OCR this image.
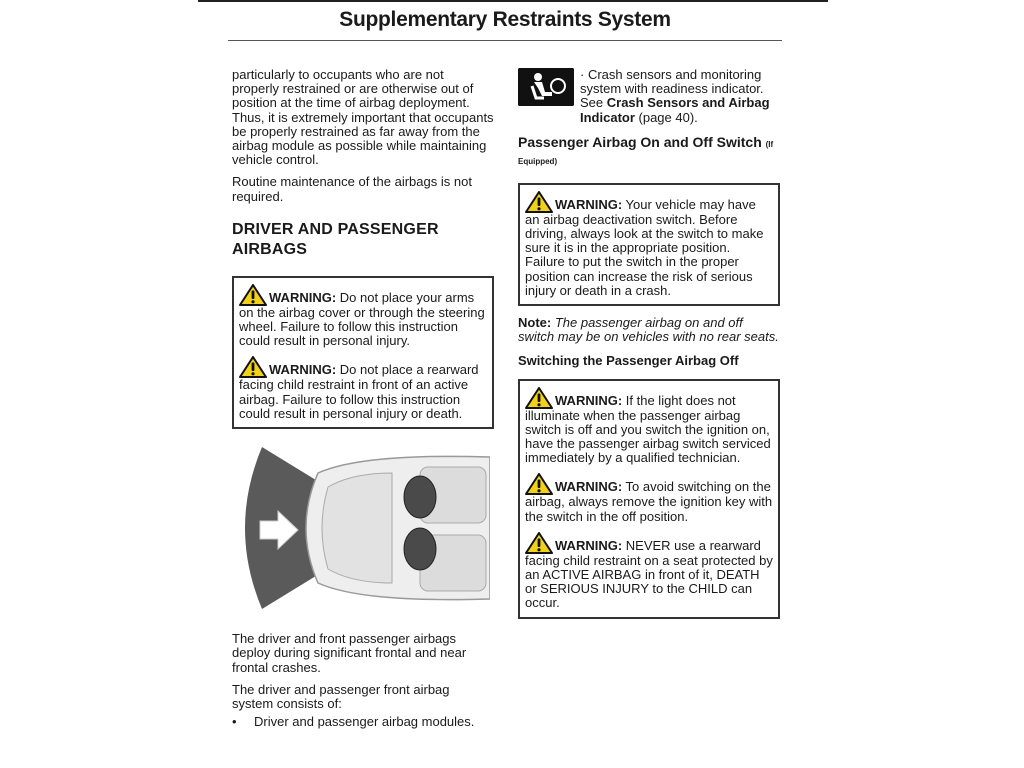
Supplementary Restraints System

particularly to occupants who are not properly restrained or are otherwise out of position at the time of airbag deployment. Thus, it is extremely important that occupants be properly restrained as far away from the airbag module as possible while maintaining vehicle control.

Routine maintenance of the airbags is not required.

DRIVER AND PASSENGER AIRBAGS
WARNING: Do not place your arms on the airbag cover or through the steering wheel. Failure to follow this instruction could result in personal injury.
WARNING: Do not place a rearward facing child restraint in front of an active airbag. Failure to follow this instruction could result in personal injury or death.

The driver and front passenger airbags deploy during significant frontal and near frontal crashes.

The driver and passenger front airbag system consists of:

•	Driver and passenger airbag modules.
· Crash sensors and monitoring system with readiness indicator. See Crash Sensors and Airbag Indicator (page 40).
Passenger Airbag On and Off Switch (If Equipped)
WARNING: Your vehicle may have an airbag deactivation switch. Before driving, always look at the switch to make sure it is in the appropriate position. Failure to put the switch in the proper position can increase the risk of serious injury or death in a crash.

Note: The passenger airbag on and off switch may be on vehicles with no rear seats.

Switching the Passenger Airbag Off
WARNING: If the light does not illuminate when the passenger airbag switch is off and you switch the ignition on, have the passenger airbag switch serviced immediately by a qualified technician.
WARNING: To avoid switching on the airbag, always remove the ignition key with the switch in the off position.
WARNING: NEVER use a rearward facing child restraint on a seat protected by an ACTIVE AIRBAG in front of it, DEATH or SERIOUS INJURY to the CHILD can occur.
